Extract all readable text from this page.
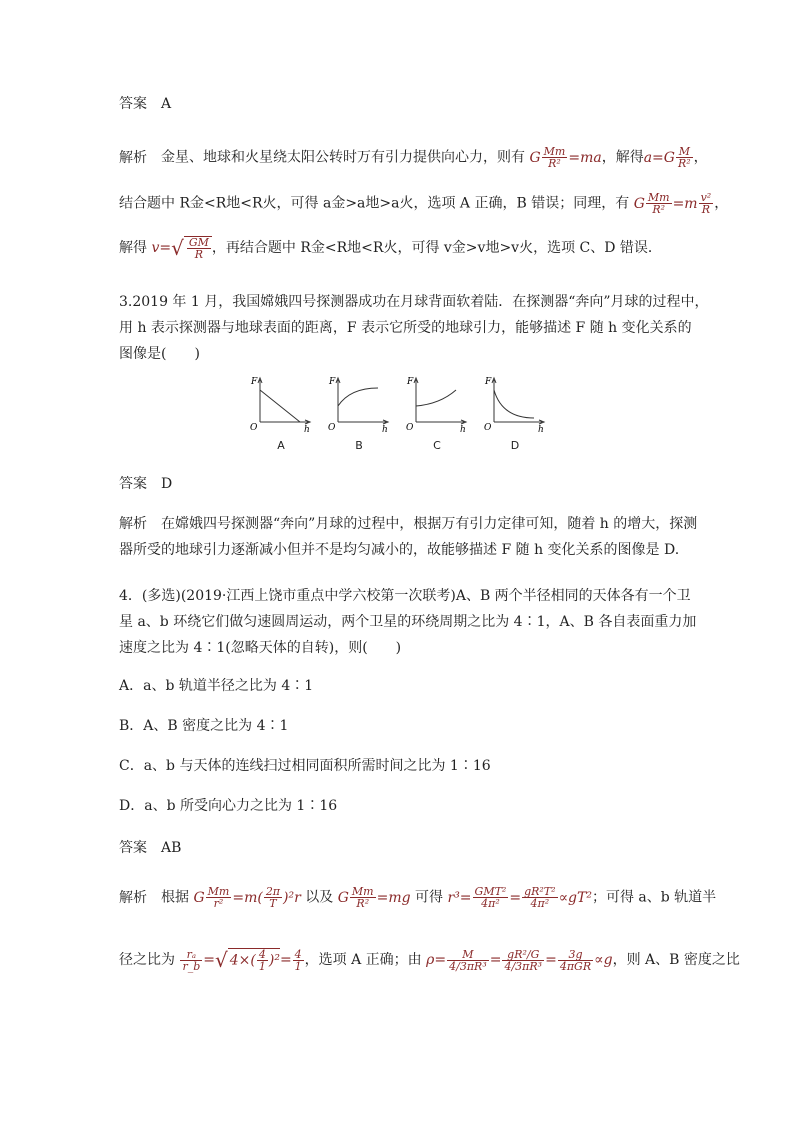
答案 A
解析 金星、地球和火星绕太阳公转时万有引力提供向心力，则有 G $\frac{Mm}{\text{R²}} =ma$，解得$a=G \frac{M}{\text{R²}}$ ，
结合题中 R金<R地<R火，可得 a金>a地>a火，选项 A 正确，B 错误；同理，有 G $\frac{Mm}{\text{R²}} =m \frac{\text{v²}}{R}$ ，
解得 $v=√ \frac{GM}{R}$ ，再结合题中 R金<R地<R火，可得 v金>v地>v火，选项 C、D 错误．
3.2019 年 1 月，我国嫦娥四号探测器成功在月球背面软着陆．在探测器“奔向”月球的过程中，
用 h 表示探测器与地球表面的距离，F 表示它所受的地球引力，能够描述 F 随 h 变化关系的
图像是(　　)
F
h
O
A
F
h
O
B
F
h
O
C
F
h
O
D
答案 D
解析 在嫦娥四号探测器“奔向”月球的过程中，根据万有引力定律可知，随着 h 的增大，探测
器所受的地球引力逐渐减小但并不是均匀减小的，故能够描述 F 随 h 变化关系的图像是 D.
4．(多选)(2019·江西上饶市重点中学六校第一次联考)A、B 两个半径相同的天体各有一个卫
星 a、b 环绕它们做匀速圆周运动，两个卫星的环绕周期之比为 4∶1，A、B 各自表面重力加
速度之比为 4∶1(忽略天体的自转)，则(　　)
A．a、b 轨道半径之比为 4∶1
B．A、B 密度之比为 4∶1
C．a、b 与天体的连线扫过相同面积所需时间之比为 1∶16
D．a、b 所受向心力之比为 1∶16
答案 AB
解析 根据 G $\frac{Mm}{\text{r²}} =m( \frac{2\pi}{T} )^2r$ 以及 G $\frac{Mm}{\text{R²}} =mg$ 可得 $r^3= \frac{\text{GMT²}}{\text{4π²}} = \frac{\text{gR²T²}}{\text{4π²}} \propto gT^2$；可得 a、b 轨道半
径之比为 $\frac{\text{rₐ}}{r\_b}$ =√ $4\times( \frac{4}{1} )^2= \frac{4}{1}$ ，选项 A 正确；由 $\rho= \frac{M}{\text{4/3πR³}} = \frac{\text{gR²/G}}{\text{4/3πR³}} = \frac{3g}{\text{4πGR}} \propto g$，则 A、B 密度之比
